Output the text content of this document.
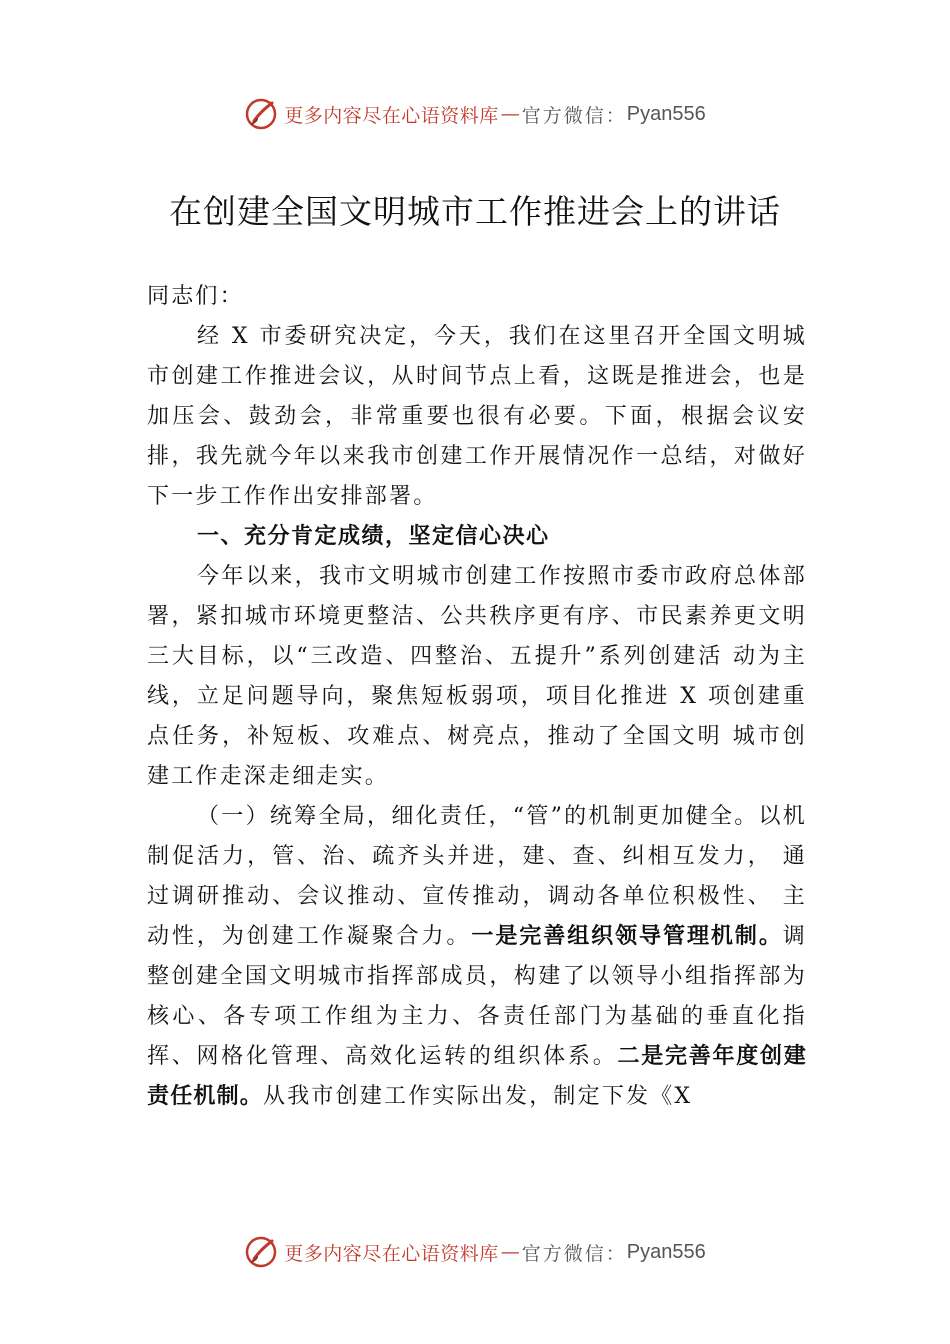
更多内容尽在心语资料库 — 官方微信： Pyan556
在创建全国文明城市工作推进会上的讲话

同志们：

经 X 市委研究决定，今天，我们在这里召开全国文明城市创建工作推进会议，从时间节点上看，这既是推进会，也是加压会、鼓劲会，非常重要也很有必要。下面，根据会议安排，我先就今年以来我市创建工作开展情况作一总结，对做好下一步工作作出安排部署。

一、充分肯定成绩，坚定信心决心

今年以来，我市文明城市创建工作按照市委市政府总体部署，紧扣城市环境更整洁、公共秩序更有序、市民素养更文明三大目标，以“三改造、四整治、五提升”系列创建活 动为主线，立足问题导向，聚焦短板弱项，项目化推进 X 项创建重点任务，补短板、攻难点、树亮点，推动了全国文明 城市创建工作走深走细走实。

（一）统筹全局，细化责任，“管”的机制更加健全。以机制促活力，管、治、疏齐头并进，建、查、纠相互发力， 通过调研推动、会议推动、宣传推动，调动各单位积极性、 主动性，为创建工作凝聚合力。一是完善组织领导管理机制。调整创建全国文明城市指挥部成员，构建了以领导小组指挥部为核心、各专项工作组为主力、各责任部门为基础的垂直化指挥、网格化管理、高效化运转的组织体系。二是完善年度创建责任机制。从我市创建工作实际出发，制定下发《X

更多内容尽在心语资料库 — 官方微信： Pyan556
